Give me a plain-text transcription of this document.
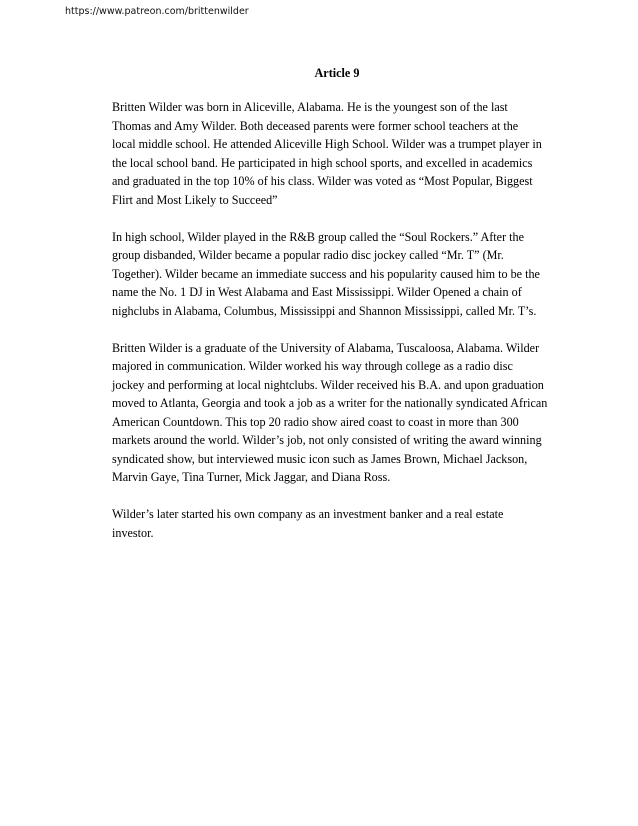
https://www.patreon.com/brittenwilder
Article 9

Britten Wilder was born in Aliceville, Alabama. He is the youngest son of the last
Thomas and Amy Wilder. Both deceased parents were former school teachers at the
local middle school. He attended Aliceville High School. Wilder was a trumpet player in
the local school band. He participated in high school sports, and excelled in academics
and graduated in the top 10% of his class. Wilder was voted as “Most Popular, Biggest
Flirt and Most Likely to Succeed”

In high school, Wilder played in the R&B group called the “Soul Rockers.” After the
group disbanded, Wilder became a popular radio disc jockey called “Mr. T” (Mr.
Together). Wilder became an immediate success and his popularity caused him to be the
name the No. 1 DJ in West Alabama and East Mississippi. Wilder Opened a chain of
nighclubs in Alabama, Columbus, Mississippi and Shannon Mississippi, called Mr. T’s.

Britten Wilder is a graduate of the University of Alabama, Tuscaloosa, Alabama. Wilder
majored in communication. Wilder worked his way through college as a radio disc
jockey and performing at local nightclubs. Wilder received his B.A. and upon graduation
moved to Atlanta, Georgia and took a job as a writer for the nationally syndicated African
American Countdown. This top 20 radio show aired coast to coast in more than 300
markets around the world. Wilder’s job, not only consisted of writing the award winning
syndicated show, but interviewed music icon such as James Brown, Michael Jackson,
Marvin Gaye, Tina Turner, Mick Jaggar, and Diana Ross.

Wilder’s later started his own company as an investment banker and a real estate
investor.
